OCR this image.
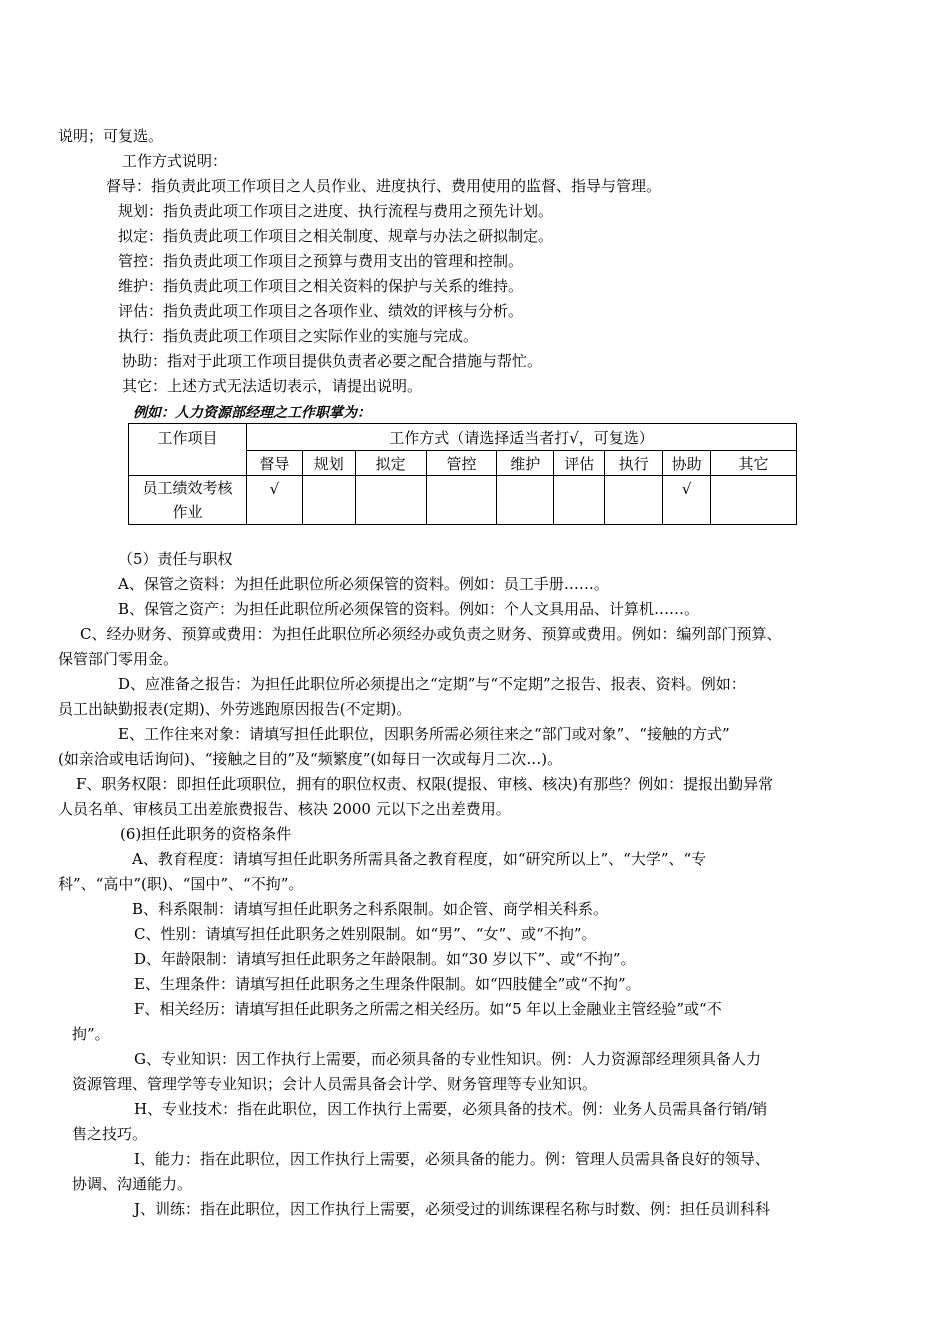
说明；可复选。
工作方式说明：
督导：指负责此项工作项目之人员作业、进度执行、费用使用的监督、指导与管理。
规划：指负责此项工作项目之进度、执行流程与费用之预先计划。
拟定：指负责此项工作项目之相关制度、规章与办法之研拟制定。
管控：指负责此项工作项目之预算与费用支出的管理和控制。
维护：指负责此项工作项目之相关资料的保护与关系的维持。
评估：指负责此项工作项目之各项作业、绩效的评核与分析。
执行：指负责此项工作项目之实际作业的实施与完成。
协助：指对于此项工作项目提供负责者必要之配合措施与帮忙。
其它：上述方式无法适切表示，请提出说明。
例如：人力资源部经理之工作职掌为：
工作项目	工作方式（请选择适当者打√，可复选）								
	督导	规划	拟定	管控	维护	评估	执行	协助	其它

员工绩效考核作业	√							√	
（5）责任与职权
A、保管之资料：为担任此职位所必须保管的资料。例如：员工手册……。
B、保管之资产：为担任此职位所必须保管的资料。例如：个人文具用品、计算机……。
C、经办财务、预算或费用：为担任此职位所必须经办或负责之财务、预算或费用。例如：编列部门预算、
保管部门零用金。
D、应准备之报告：为担任此职位所必须提出之“定期”与“不定期”之报告、报表、资料。例如：
员工出缺勤报表(定期)、外劳逃跑原因报告(不定期)。
E、工作往来对象：请填写担任此职位，因职务所需必须往来之“部门或对象”、“接触的方式”
(如亲洽或电话询问)、“接触之目的”及“频繁度”(如每日一次或每月二次…)。
F、职务权限：即担任此项职位，拥有的职位权责、权限(提报、审核、核决)有那些？例如：提报出勤异常
人员名单、审核员工出差旅费报告、核决 2000 元以下之出差费用。
(6)担任此职务的资格条件
A、教育程度：请填写担任此职务所需具备之教育程度，如“研究所以上”、“大学”、“专
科”、“高中”(职)、“国中”、“不拘”。
B、科系限制：请填写担任此职务之科系限制。如企管、商学相关科系。
C、性别：请填写担任此职务之姓别限制。如“男”、“女”、或“不拘”。
D、年龄限制：请填写担任此职务之年龄限制。如“30 岁以下”、或“不拘”。
E、生理条件：请填写担任此职务之生理条件限制。如“四肢健全”或“不拘”。
F、相关经历：请填写担任此职务之所需之相关经历。如“5 年以上金融业主管经验”或“不
拘”。
G、专业知识：因工作执行上需要，而必须具备的专业性知识。例：人力资源部经理须具备人力
资源管理、管理学等专业知识；会计人员需具备会计学、财务管理等专业知识。
H、专业技术：指在此职位，因工作执行上需要，必须具备的技术。例：业务人员需具备行销/销
售之技巧。
I、能力：指在此职位，因工作执行上需要，必须具备的能力。例：管理人员需具备良好的领导、
协调、沟通能力。
J、训练：指在此职位，因工作执行上需要，必须受过的训练课程名称与时数、例：担任员训科科
